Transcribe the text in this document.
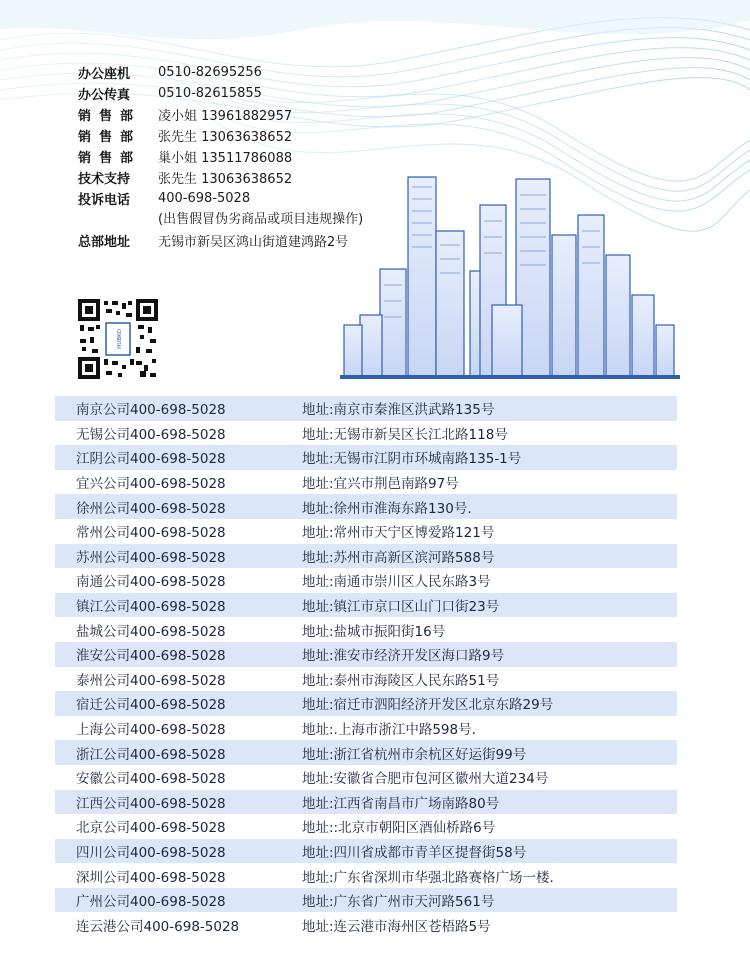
办公座机	0510-82695256
办公传真	0510-82615855
销售部	凌小姐 13961882957
销售部	张先生 13063638652
销售部	巢小姐 13511786088
技术支持	张先生 13063638652
投诉电话	400-698-5028
(出售假冒伪劣商品或项目违规操作)
总部地址	无锡市新吴区鸿山街道建鸿路2号
HUBKO
南京公司400-698-5028	地址:南京市秦淮区洪武路135号
无锡公司400-698-5028	地址:无锡市新吴区长江北路118号
江阴公司400-698-5028	地址:无锡市江阴市环城南路135-1号
宜兴公司400-698-5028	地址:宜兴市荆邑南路97号
徐州公司400-698-5028	地址:徐州市淮海东路130号.
常州公司400-698-5028	地址:常州市天宁区博爱路121号
苏州公司400-698-5028	地址:苏州市高新区滨河路588号
南通公司400-698-5028	地址:南通市崇川区人民东路3号
镇江公司400-698-5028	地址:镇江市京口区山门口街23号
盐城公司400-698-5028	地址:盐城市振阳街16号
淮安公司400-698-5028	地址:淮安市经济开发区海口路9号
泰州公司400-698-5028	地址:泰州市海陵区人民东路51号
宿迁公司400-698-5028	地址:宿迁市泗阳经济开发区北京东路29号
上海公司400-698-5028	地址:.上海市浙江中路598号.
浙江公司400-698-5028	地址:浙江省杭州市余杭区好运街99号
安徽公司400-698-5028	地址:安徽省合肥市包河区徽州大道234号
江西公司400-698-5028	地址:江西省南昌市广场南路80号
北京公司400-698-5028	地址::北京市朝阳区酒仙桥路6号
四川公司400-698-5028	地址:四川省成都市青羊区提督街58号
深圳公司400-698-5028	地址:广东省深圳市华强北路赛格广场一楼.
广州公司400-698-5028	地址:广东省广州市天河路561号
连云港公司400-698-5028	地址:连云港市海州区苍梧路5号
